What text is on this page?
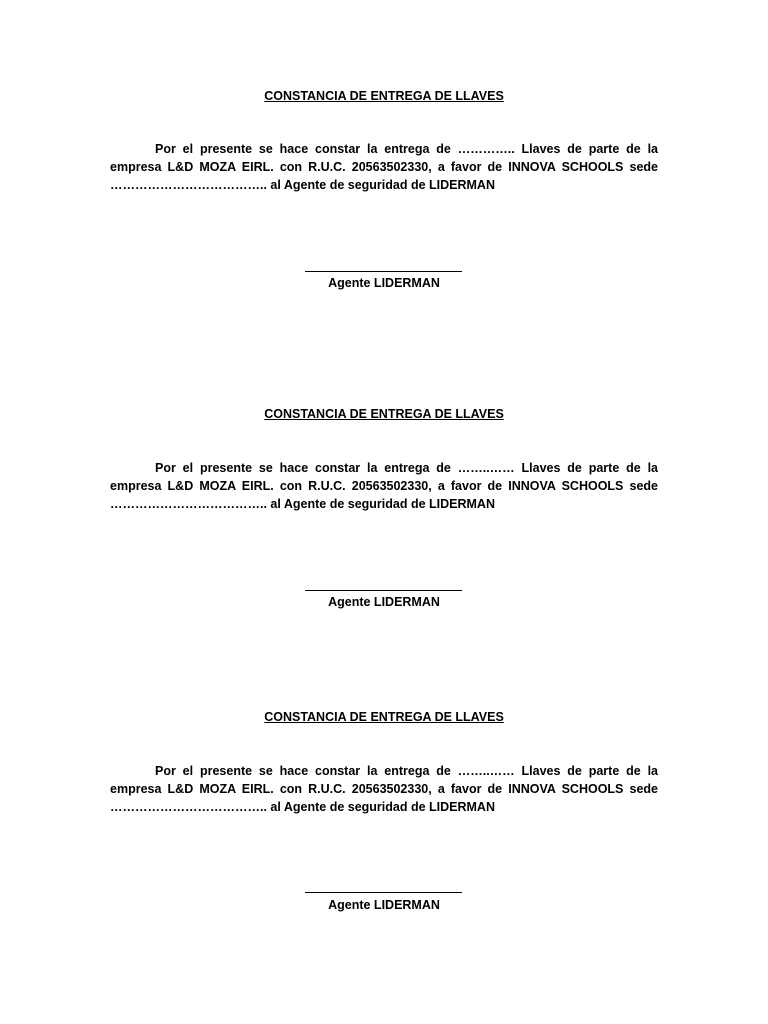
CONSTANCIA DE ENTREGA DE LLAVES

Por el presente se hace constar la entrega de ………….. Llaves de parte de la empresa L&D MOZA EIRL. con R.U.C. 20563502330, a favor de INNOVA SCHOOLS sede ……………………………….. al Agente de seguridad de LIDERMAN

Agente LIDERMAN

CONSTANCIA DE ENTREGA DE LLAVES

Por el presente se hace constar la entrega de ……..…… Llaves de parte de la empresa L&D MOZA EIRL. con R.U.C. 20563502330, a favor de INNOVA SCHOOLS sede ……………………………….. al Agente de seguridad de LIDERMAN

Agente LIDERMAN

CONSTANCIA DE ENTREGA DE LLAVES

Por el presente se hace constar la entrega de ……..…… Llaves de parte de la empresa L&D MOZA EIRL. con R.U.C. 20563502330, a favor de INNOVA SCHOOLS sede ……………………………….. al Agente de seguridad de LIDERMAN

Agente LIDERMAN
